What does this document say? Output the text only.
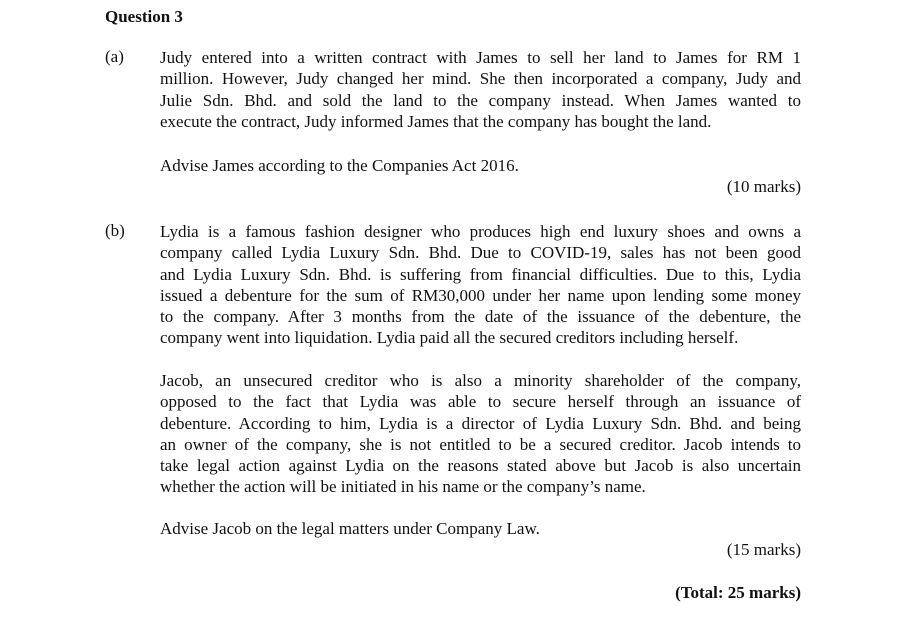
Question 3
(a) Judy entered into a written contract with James to sell her land to James for RM 1
million. However, Judy changed her mind. She then incorporated a company, Judy and
Julie Sdn. Bhd. and sold the land to the company instead. When James wanted to
execute the contract, Judy informed James that the company has bought the land.
Advise James according to the Companies Act 2016.
(10 marks)
(b) Lydia is a famous fashion designer who produces high end luxury shoes and owns a
company called Lydia Luxury Sdn. Bhd. Due to COVID-19, sales has not been good
and Lydia Luxury Sdn. Bhd. is suffering from financial difficulties. Due to this, Lydia
issued a debenture for the sum of RM30,000 under her name upon lending some money
to the company. After 3 months from the date of the issuance of the debenture, the
company went into liquidation. Lydia paid all the secured creditors including herself.
Jacob, an unsecured creditor who is also a minority shareholder of the company,
opposed to the fact that Lydia was able to secure herself through an issuance of
debenture. According to him, Lydia is a director of Lydia Luxury Sdn. Bhd. and being
an owner of the company, she is not entitled to be a secured creditor. Jacob intends to
take legal action against Lydia on the reasons stated above but Jacob is also uncertain
whether the action will be initiated in his name or the company’s name.
Advise Jacob on the legal matters under Company Law.
(15 marks)
(Total: 25 marks)
